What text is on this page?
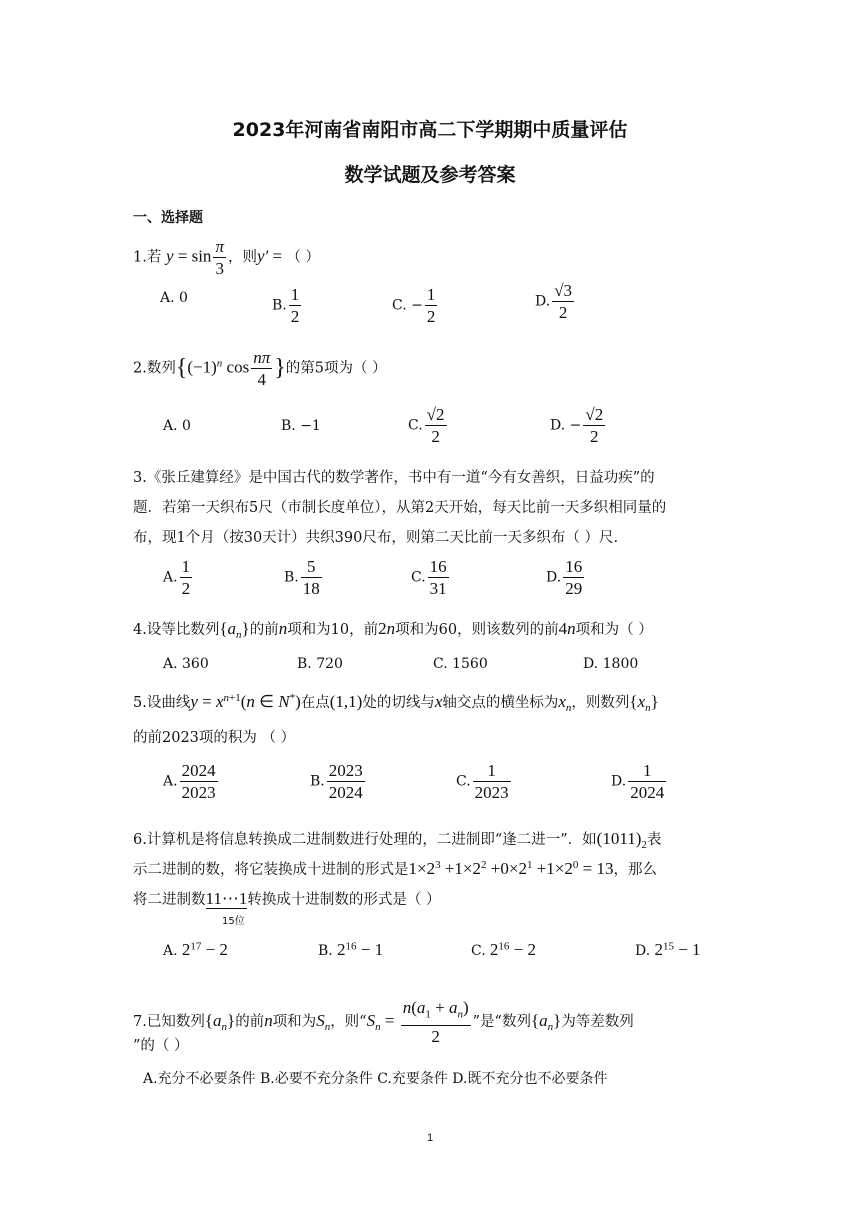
2023年河南省南阳市高二下学期期中质量评估
数学试题及参考答案
一、选择题
1.若 $y = \sin \frac{\pi}{3}$ ，则y′ = （ ）
A. 0	B. $\frac{1}{2}$	C. − $\frac{1}{2}$	D. $\frac{√3}{2}$
2.数列{$(-1)^n$ $\cos \frac{n\pi}{4}$ }的第5项为（ ）
A. 0	B. −1	C. $\frac{√2}{2}$	D. − $\frac{√2}{2}$
3.《张丘建算经》是中国古代的数学著作，书中有一道“今有女善织，日益功疾”的
题．若第一天织布5尺（市制长度单位），从第2天开始，每天比前一天多织相同量的
布，现1个月（按30天计）共织390尺布，则第二天比前一天多织布（ ）尺.
A. $\frac{1}{2}$	B. $\frac{5}{18}$	C. $\frac{16}{31}$	D. $\frac{16}{29}$
4.设等比数列$\{a_n\}$的前n项和为10，前2n项和为60，则该数列的前4n项和为（ ）
A. 360	B. 720	C. 1560	D. 1800
5.设曲线$y = x^{n+1}(n$ ∈ N*)在点(1,1)处的切线与x轴交点的横坐标为$x_n$，则数列$\{x_n\}$
的前2023项的积为 （ ）
A. $\frac{2024}{2023}$	B. $\frac{2023}{2024}$	C. $\frac{1}{2023}$	D. $\frac{1}{2024}$
6.计算机是将信息转换成二进制数进行处理的，二进制即“逢二进一”．如$(1011)_2$表
示二进制的数，将它装换成十进制的形式是$1\times 2^3 +1\times 2^2 +0\times 2^1 +1\times 2^0 = 13$，那么
将二进制数11⋯1转换成十进制数的形式是（ ）
15位
A. $2^{17} - 2$	B. $2^{16} - 1$	C. $2^{16} - 2$	D. $2^{15} - 1$
7.已知数列$\{a_n\}$的前n项和为$S_n$，则“$S_n = \frac{n(a_1 + a_n)}{2}$ ”是“数列$\{a_n\}$为等差数列
”的（ ）
A.充分不必要条件 B.必要不充分条件 C.充要条件 D.既不充分也不必要条件
1
